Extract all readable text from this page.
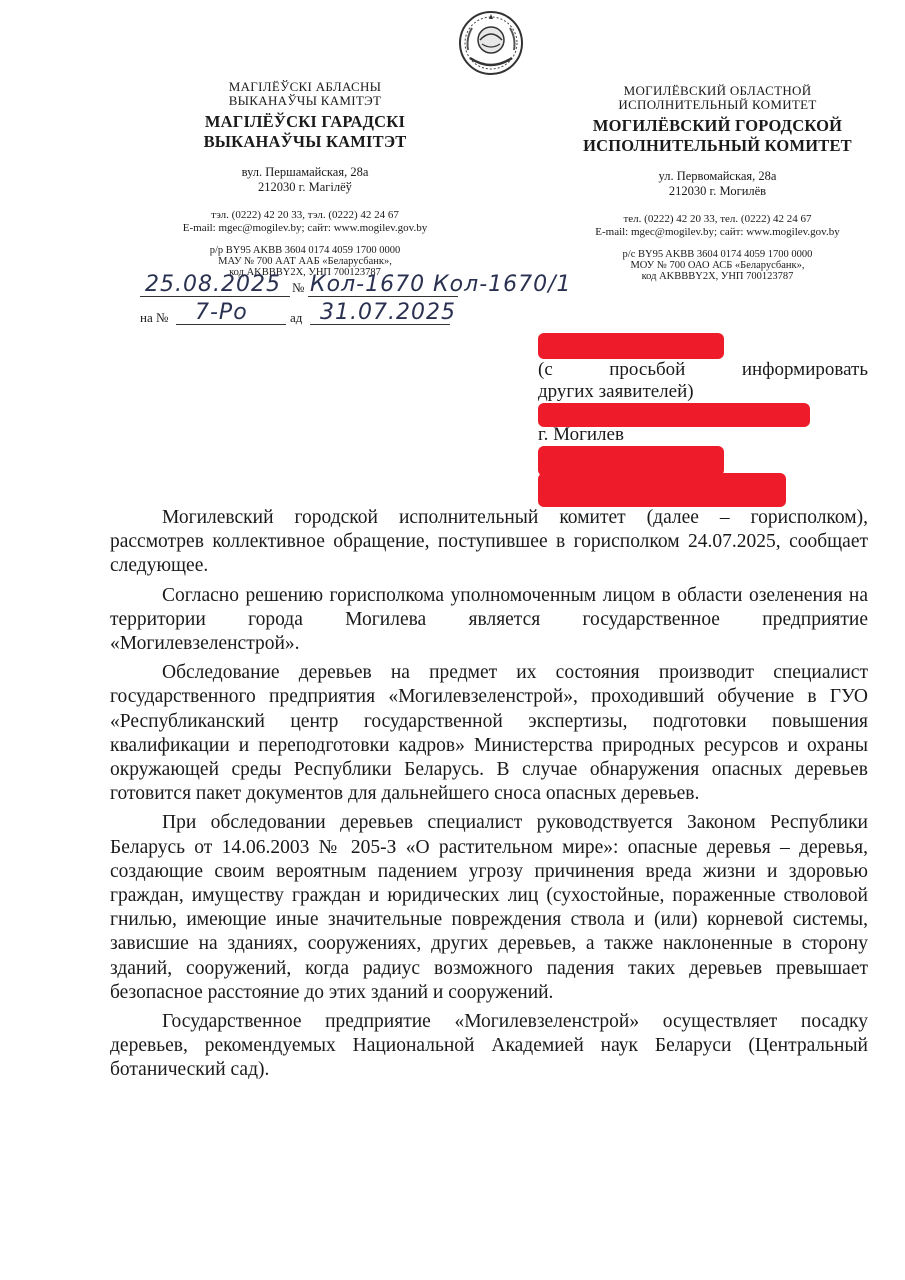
МАГІЛЁЎСКІ АБЛАСНЫ
ВЫКАНАЎЧЫ КАМІТЭТ
МАГІЛЁЎСКІ ГАРАДСКІ
ВЫКАНАЎЧЫ КАМІТЭТ
вул. Першамайская, 28а
212030 г. Магілёў
тэл. (0222) 42 20 33, тэл. (0222) 42 24 67
E-mail: mgec@mogilev.by; сайт: www.mogilev.gov.by
р/р BY95 AKBB 3604 0174 4059 1700 0000
МАУ № 700 ААТ ААБ «Беларусбанк»,
код AKBBBY2X, УНП 700123787
МОГИЛЁВСКИЙ ОБЛАСТНОЙ
ИСПОЛНИТЕЛЬНЫЙ КОМИТЕТ
МОГИЛЁВСКИЙ ГОРОДСКОЙ
ИСПОЛНИТЕЛЬНЫЙ КОМИТЕТ
ул. Первомайская, 28а
212030 г. Могилёв
тел. (0222) 42 20 33, тел. (0222) 42 24 67
E-mail: mgec@mogilev.by; сайт: www.mogilev.gov.by
р/с BY95 AKBB 3604 0174 4059 1700 0000
МОУ № 700 ОАО АСБ «Беларусбанк»,
код AKBBBY2X, УНП 700123787
25.08.2025 № Кол-1670 Кол-1670/1
на № 7-Ро	ад 31.07.2025
(с	просьбой	информировать
других заявителей)
г. Могилев

Могилевский городской исполнительный комитет (далее – горисполком), рассмотрев коллективное обращение, поступившее в горисполком 24.07.2025, сообщает следующее.

Согласно решению горисполкома уполномоченным лицом в области озеленения на территории города Могилева является государственное предприятие «Могилевзеленстрой».

Обследование деревьев на предмет их состояния производит специалист государственного предприятия «Могилевзеленстрой», проходивший обучение в ГУО «Республиканский центр государственной экспертизы, подготовки повышения квалификации и переподготовки кадров» Министерства природных ресурсов и охраны окружающей среды Республики Беларусь. В случае обнаружения опасных деревьев готовится пакет документов для дальнейшего сноса опасных деревьев.

При обследовании деревьев специалист руководствуется Законом Республики Беларусь от 14.06.2003 № 205-З «О растительном мире»: опасные деревья – деревья, создающие своим вероятным падением угрозу причинения вреда жизни и здоровью граждан, имуществу граждан и юридических лиц (сухостойные, пораженные стволовой гнилью, имеющие иные значительные повреждения ствола и (или) корневой системы, зависшие на зданиях, сооружениях, других деревьев, а также наклоненные в сторону зданий, сооружений, когда радиус возможного падения таких деревьев превышает безопасное расстояние до этих зданий и сооружений.

Государственное предприятие «Могилевзеленстрой» осуществляет посадку деревьев, рекомендуемых Национальной Академией наук Беларуси (Центральный ботанический сад).
